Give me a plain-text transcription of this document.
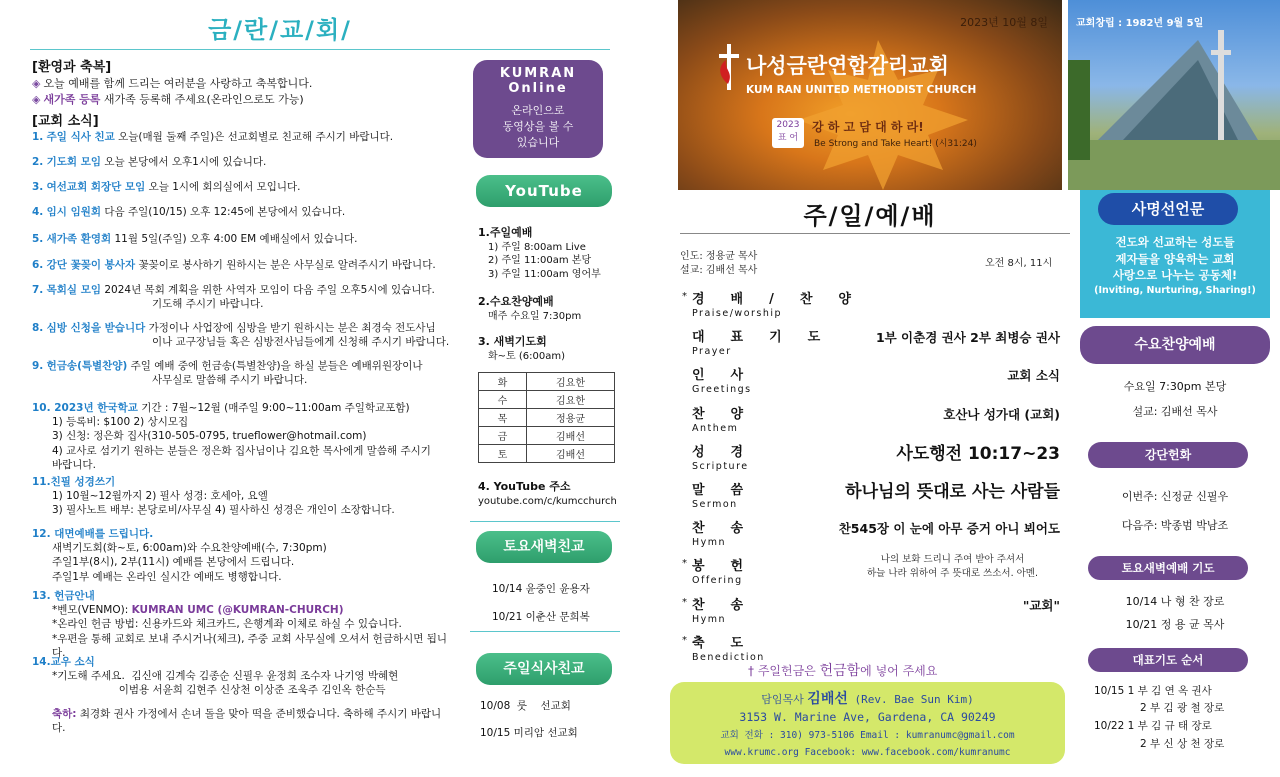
금/란/교/회/
[환영과 축복]
◈ 오늘 예배를 함께 드리는 여러분을 사랑하고 축복합니다.
◈ 새가족 등록 새가족 등록해 주세요(온라인으로도 가능)
[교회 소식]
1. 주일 식사 친교 오늘(매월 둘째 주일)은 선교회별로 친교해 주시기 바랍니다.
2. 기도회 모임 오늘 본당에서 오후1시에 있습니다.
3. 여선교회 회장단 모임 오늘 1시에 회의실에서 모입니다.
4. 임시 임원회 다음 주일(10/15) 오후 12:45에 본당에서 있습니다.
5. 새가족 환영회 11월 5일(주일) 오후 4:00 EM 예배실에서 있습니다.
6. 강단 꽃꽂이 봉사자 꽃꽂이로 봉사하기 원하시는 분은 사무실로 알려주시기 바랍니다.
7. 목회실 모임 2024년 목회 계획을 위한 사역자 모임이 다음 주일 오후5시에 있습니다.
기도해 주시기 바랍니다.
8. 심방 신청을 받습니다 가정이나 사업장에 심방을 받기 원하시는 분은 최경숙 전도사님
이나 교구장님들 혹은 심방전사님들에게 신청해 주시기 바랍니다.
9. 헌금송(특별찬양) 주일 예배 중에 헌금송(특별찬양)을 하실 분들은 예배위원장이나
사무실로 말씀해 주시기 바랍니다.
10. 2023년 한국학교 기간 : 7월~12월 (매주일 9:00~11:00am 주일학교포함)
1) 등록비: $100 2) 상시모집
3) 신청: 정은화 집사(310-505-0795, trueflower@hotmail.com)
4) 교사로 섬기기 원하는 분들은 정은화 집사님이나 김요한 목사에게 말씀해 주시기
바랍니다.
11.친필 성경쓰기
1) 10월~12월까지 2) 필사 성경: 호세아, 요엘
3) 필사노트 배부: 본당로비/사무실 4) 필사하신 성경은 개인이 소장합니다.
12. 대면예배를 드립니다.
새벽기도회(화~토, 6:00am)와 수요찬양예배(수, 7:30pm)
주일1부(8시), 2부(11시) 예배를 본당에서 드립니다.
주일1부 예배는 온라인 실시간 예배도 병행합니다.
13. 헌금안내
*벤모(VENMO): KUMRAN UMC (@KUMRAN-CHURCH)
*온라인 헌금 방법: 신용카드와 체크카드, 은행계좌 이체로 하실 수 있습니다.
*우편을 통해 교회로 보내 주시거나(체크), 주중 교회 사무실에 오셔서 헌금하시면 됩니다.
14.교우 소식
*기도해 주세요.  김신애 김계숙 김종순 신필우 윤정희 조수자 나기영 박혜현
이범용 서윤희 김현주 신상천 이상준 조욱주 김인옥 한순득
축하: 최경화 권사 가정에서 손녀 돌을 맞아 떡을 준비했습니다. 축하해 주시기 바랍니다.
KUMRAN
Online
온라인으로
동영상을 볼 수
있습니다
YouTube
1.주일예배
1) 주일 8:00am Live
2) 주일 11:00am 본당
3) 주일 11:00am 영어부
2.수요찬양예배
매주 수요일 7:30pm
3. 새벽기도회
화~토 (6:00am)
화	김요한
수	김요한
목	정용균
금	김배선
토	김배선
4. YouTube 주소
youtube.com/c/kumcchurch
토요새벽친교
10/14 윤중인 윤용자
10/21 이춘산 문희복
주일식사친교
10/08  룻    선교회
10/15 미리암 선교회
2023년 10월 8일
나성금란연합감리교회
KUM RAN UNITED METHODIST CHURCH
2023
표 어
강 하 고 담 대 하 라!
Be Strong and Take Heart! (시31:24)
교회창립 : 1982년 9월 5일
주/일/예/배
인도: 정용균 목사
설교: 김배선 목사
오전 8시, 11시
* 경배/찬양
Praise/worship
대표기도
Prayer
1부 이춘경 권사 2부 최병승 권사
인사
Greetings
교회 소식
찬양
Anthem
호산나 성가대 (교회)
성경
Scripture
사도행전 10:17~23
말씀
Sermon
하나님의 뜻대로 사는 사람들
찬송
Hymn
찬545장 이 눈에 아무 증거 아니 뵈어도
* 봉헌
Offering
* 찬송
Hymn
"교회"
* 축도
Benediction
나의 보화 드리니 주여 받아 주셔서
하늘 나라 위하여 주 뜻대로 쓰소서. 아멘.
† 주일헌금은 헌금함에 넣어 주세요
담임목사 김배선 (Rev. Bae Sun Kim)
3153 W. Marine Ave, Gardena, CA 90249
교회 전화 : 310) 973-5106 Email : kumranumc@gmail.com
www.krumc.org Facebook: www.facebook.com/kumranumc
사명선언문
전도와 선교하는 성도들
제자들을 양육하는 교회
사랑으로 나누는 공동체!
(Inviting, Nurturing, Sharing!)
수요찬양예배
수요일 7:30pm 본당
설교: 김배선 목사
강단헌화
이번주: 신정균 신필우
다음주: 박종범 박남조
토요새벽예배 기도
10/14 나 형 찬 장로
10/21 정 용 균 목사
대표기도 순서
10/15 1 부 김 연 옥 권사
2 부 김 광 철 장로
10/22 1 부 김 규 태 장로
2 부 신 상 천 장로
